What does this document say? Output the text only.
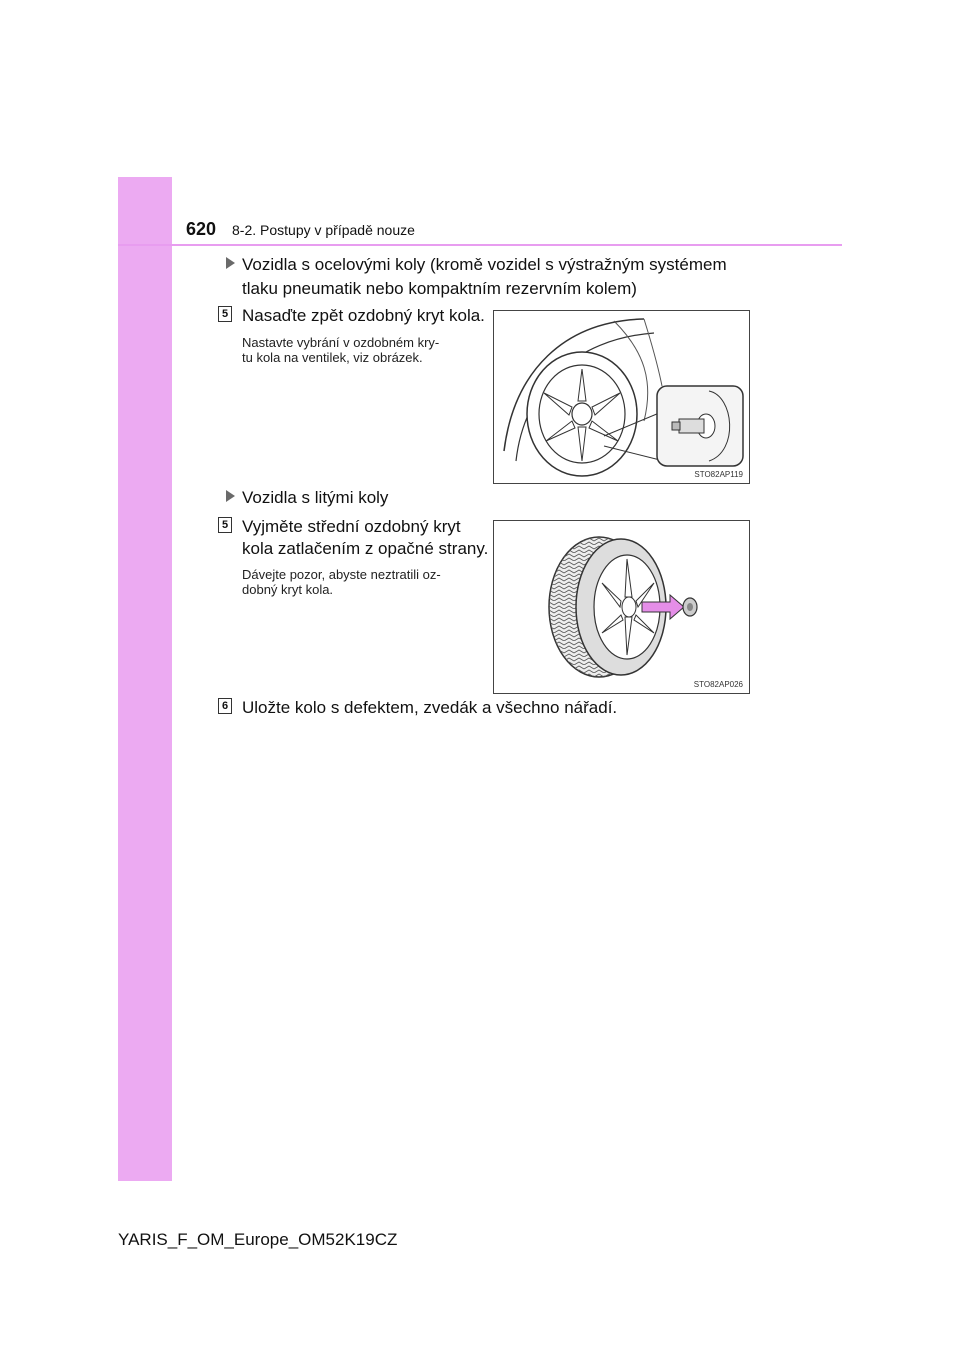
620 8-2. Postupy v případě nouze
Vozidla s ocelovými koly (kromě vozidel s výstražným systémem
tlaku pneumatik nebo kompaktním rezervním kolem)
5 Nasaďte zpět ozdobný kryt kola.
Nastavte vybrání v ozdobném kry-
tu kola na ventilek, viz obrázek.
STO82AP119
Vozidla s litými koly
5 Vyjměte střední ozdobný kryt
kola zatlačením z opačné strany.
Dávejte pozor, abyste neztratili oz-
dobný kryt kola.
STO82AP026
6 Uložte kolo s defektem, zvedák a všechno nářadí.
YARIS_F_OM_Europe_OM52K19CZ
